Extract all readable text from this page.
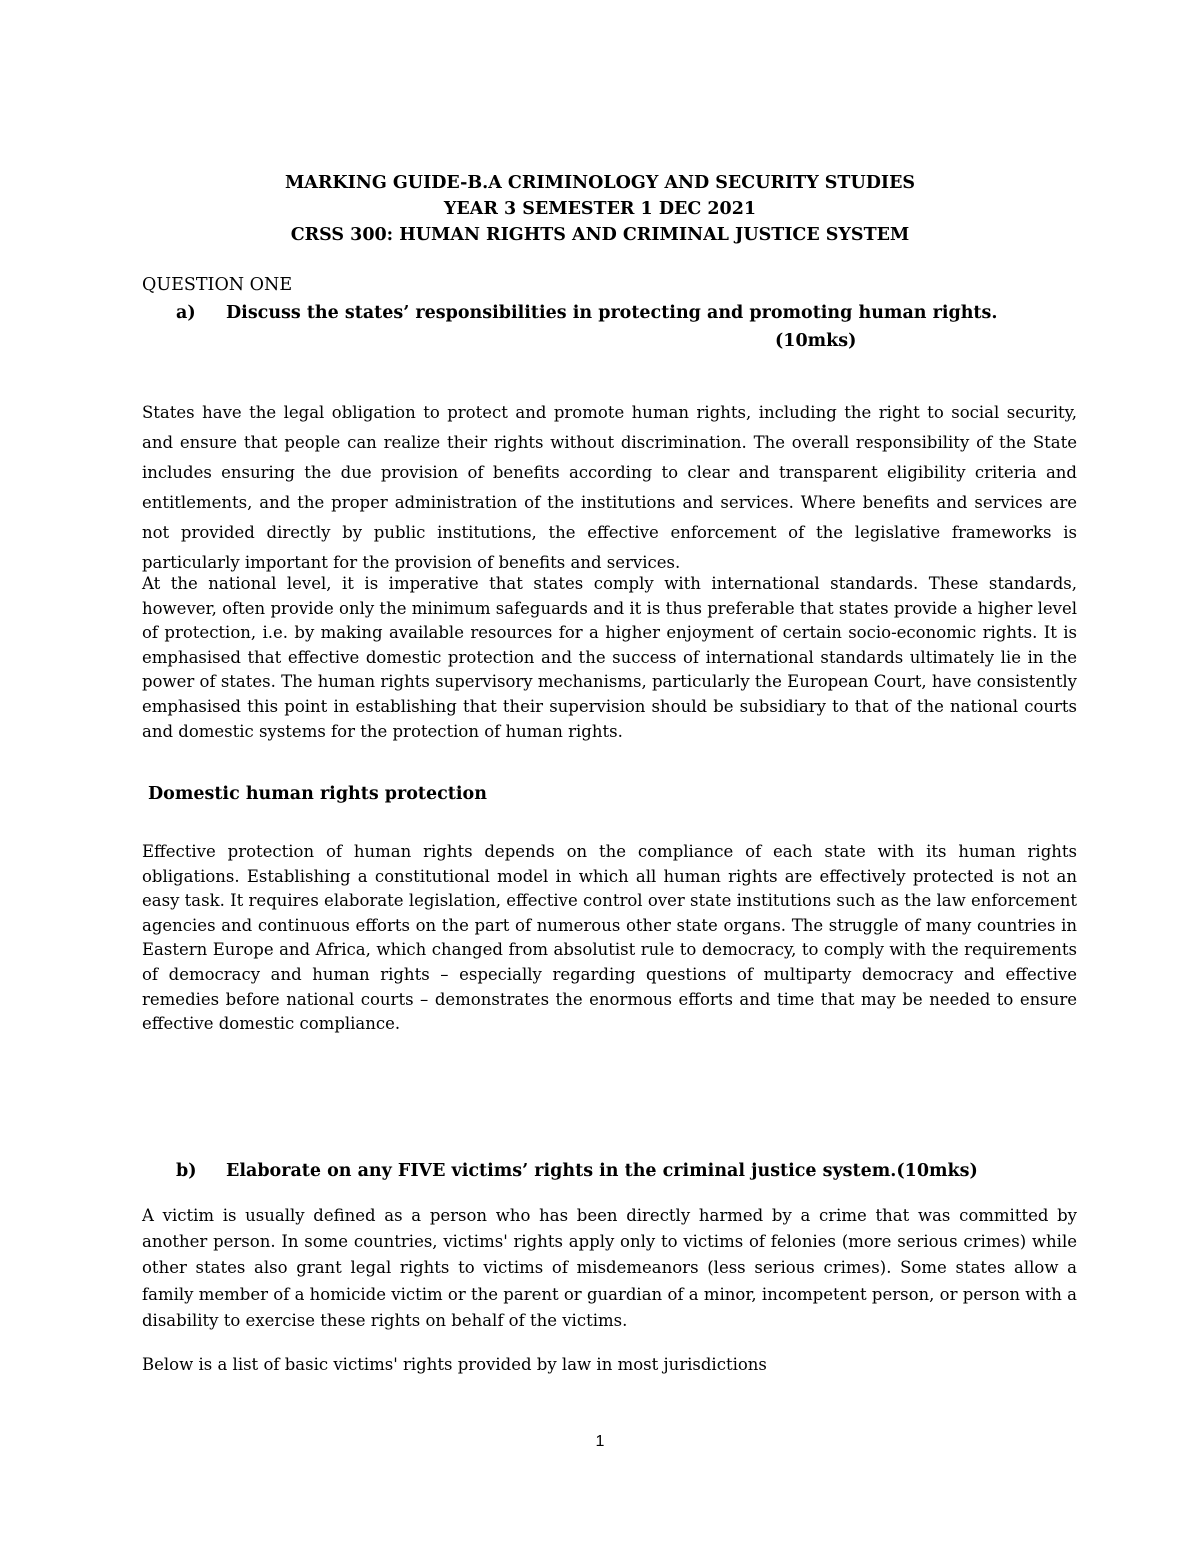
MARKING GUIDE-B.A CRIMINOLOGY AND SECURITY STUDIES
YEAR 3 SEMESTER 1 DEC 2021
CRSS 300: HUMAN RIGHTS AND CRIMINAL JUSTICE SYSTEM
QUESTION ONE
a) Discuss the states’ responsibilities in protecting and promoting human rights.
(10mks)

States have the legal obligation to protect and promote human rights, including the right to social security, and ensure that people can realize their rights without discrimination. The overall responsibility of the State includes ensuring the due provision of benefits according to clear and transparent eligibility criteria and entitlements, and the proper administration of the institutions and services. Where benefits and services are not provided directly by public institutions, the effective enforcement of the legislative frameworks is particularly important for the provision of benefits and services.

At the national level, it is imperative that states comply with international standards. These standards, however, often provide only the minimum safeguards and it is thus preferable that states provide a higher level of protection, i.e. by making available resources for a higher enjoyment of certain socio-economic rights. It is emphasised that effective domestic protection and the success of international standards ultimately lie in the power of states. The human rights supervisory mechanisms, particularly the European Court, have consistently emphasised this point in establishing that their supervision should be subsidiary to that of the national courts and domestic systems for the protection of human rights.

Domestic human rights protection

Effective protection of human rights depends on the compliance of each state with its human rights obligations. Establishing a constitutional model in which all human rights are effectively protected is not an easy task. It requires elaborate legislation, effective control over state institutions such as the law enforcement agencies and continuous efforts on the part of numerous other state organs. The struggle of many countries in Eastern Europe and Africa, which changed from absolutist rule to democracy, to comply with the requirements of democracy and human rights – especially regarding questions of multiparty democracy and effective remedies before national courts – demonstrates the enormous efforts and time that may be needed to ensure effective domestic compliance.

b) Elaborate on any FIVE victims’ rights in the criminal justice system.(10mks)

A victim is usually defined as a person who has been directly harmed by a crime that was committed by another person. In some countries, victims' rights apply only to victims of felonies (more serious crimes) while other states also grant legal rights to victims of misdemeanors (less serious crimes). Some states allow a family member of a homicide victim or the parent or guardian of a minor, incompetent person, or person with a disability to exercise these rights on behalf of the victims.

Below is a list of basic victims' rights provided by law in most jurisdictions

1
